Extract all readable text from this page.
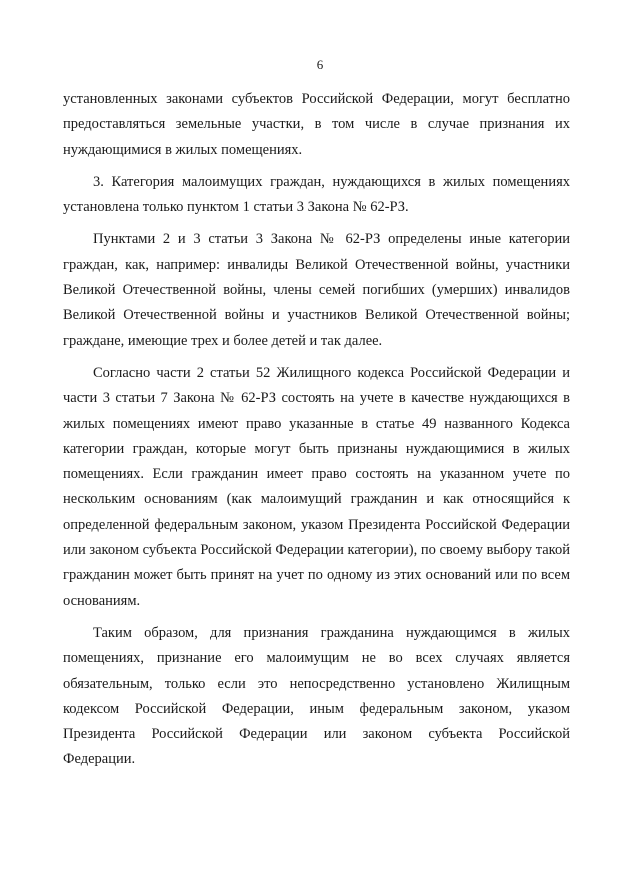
6

установленных законами субъектов Российской Федерации, могут бесплатно предоставляться земельные участки, в том числе в случае признания их нуждающимися в жилых помещениях.

3. Категория малоимущих граждан, нуждающихся в жилых помещениях установлена только пунктом 1 статьи 3 Закона № 62-РЗ.

Пунктами 2 и 3 статьи 3 Закона № 62-РЗ определены иные категории граждан, как, например: инвалиды Великой Отечественной войны, участники Великой Отечественной войны, члены семей погибших (умерших) инвалидов Великой Отечественной войны и участников Великой Отечественной войны; граждане, имеющие трех и более детей и так далее.

Согласно части 2 статьи 52 Жилищного кодекса Российской Федерации и части 3 статьи 7 Закона № 62-РЗ состоять на учете в качестве нуждающихся в жилых помещениях имеют право указанные в статье 49 названного Кодекса категории граждан, которые могут быть признаны нуждающимися в жилых помещениях. Если гражданин имеет право состоять на указанном учете по нескольким основаниям (как малоимущий гражданин и как относящийся к определенной федеральным законом, указом Президента Российской Федерации или законом субъекта Российской Федерации категории), по своему выбору такой гражданин может быть принят на учет по одному из этих оснований или по всем основаниям.

Таким образом, для признания гражданина нуждающимся в жилых помещениях, признание его малоимущим не во всех случаях является обязательным, только если это непосредственно установлено Жилищным кодексом Российской Федерации, иным федеральным законом, указом Президента Российской Федерации или законом субъекта Российской Федерации.
